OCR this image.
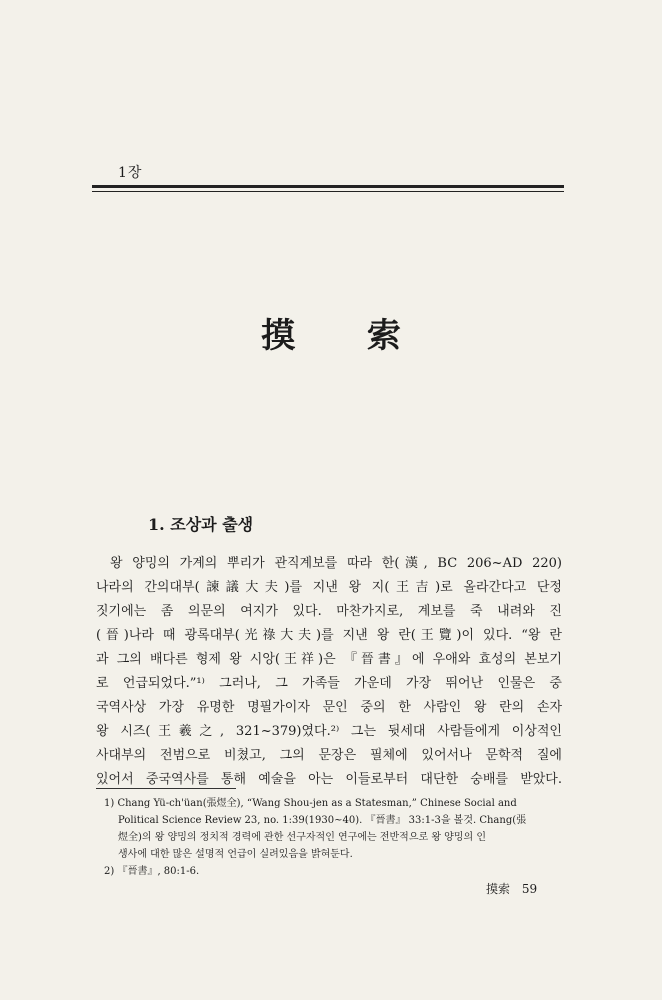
1장
摸 索
1. 조상과 출생
왕 양밍의 가계의 뿌리가 관직계보를 따라 한(漢, BC 206~AD 220)
나라의 간의대부(諫議大夫)를 지낸 왕 지(王吉)로 올라간다고 단정
짓기에는 좀 의문의 여지가 있다. 마찬가지로, 계보를 죽 내려와 진
(晉)나라 때 광록대부(光祿大夫)를 지낸 왕 란(王覽)이 있다. “왕 란
과 그의 배다른 형제 왕 시앙(王祥)은 『晉書』에 우애와 효성의 본보기
로 언급되었다.”¹⁾ 그러나, 그 가족들 가운데 가장 뛰어난 인물은 중
국역사상 가장 유명한 명필가이자 문인 중의 한 사람인 왕 란의 손자
왕 시즈(王羲之, 321~379)였다.²⁾ 그는 뒷세대 사람들에게 이상적인
사대부의 전범으로 비쳤고, 그의 문장은 필체에 있어서나 문학적 질에
있어서 중국역사를 통해 예술을 아는 이들로부터 대단한 숭배를 받았다.
1) Chang Yü-ch'üan(張煜全), “Wang Shou-jen as a Statesman,” Chinese Social and
Political Science Review 23, no. 1:39(1930~40). 『晉書』 33:1-3을 볼것. Chang(張
煜全)의 왕 양밍의 정치적 경력에 관한 선구자적인 연구에는 전반적으로 왕 양밍의 인
생사에 대한 많은 설명적 언급이 실려있음을 밝혀둔다.
2) 『晉書』, 80:1-6.
摸索 59
